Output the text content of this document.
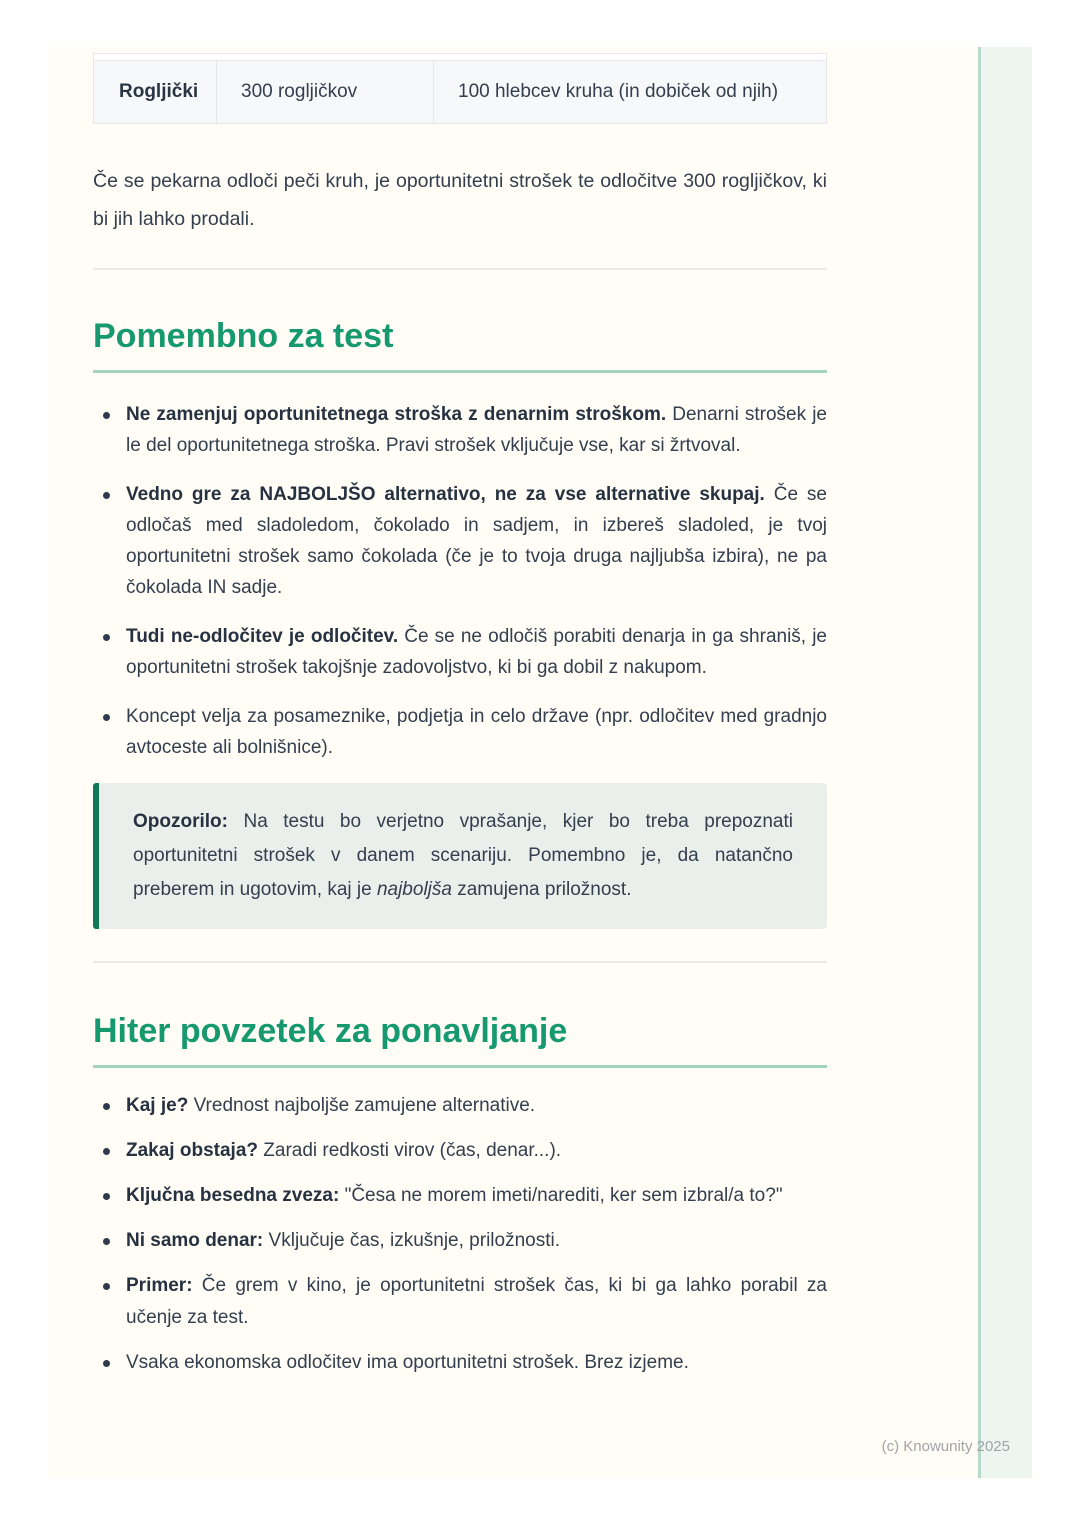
Rogljički	300 rogljičkov	100 hlebcev kruha (in dobiček od njih)

Če se pekarna odloči peči kruh, je oportunitetni strošek te odločitve 300 rogljičkov, ki bi jih lahko prodali.

Pomembno za test
Ne zamenjuj oportunitetnega stroška z denarnim stroškom. Denarni strošek je le del oportunitetnega stroška. Pravi strošek vključuje vse, kar si žrtvoval.
Vedno gre za NAJBOLJŠO alternativo, ne za vse alternative skupaj. Če se odločaš med sladoledom, čokolado in sadjem, in izbereš sladoled, je tvoj oportunitetni strošek samo čokolada (če je to tvoja druga najljubša izbira), ne pa čokolada IN sadje.
Tudi ne-odločitev je odločitev. Če se ne odločiš porabiti denarja in ga shraniš, je oportunitetni strošek takojšnje zadovoljstvo, ki bi ga dobil z nakupom.
Koncept velja za posameznike, podjetja in celo države (npr. odločitev med gradnjo avtoceste ali bolnišnice).
Opozorilo: Na testu bo verjetno vprašanje, kjer bo treba prepoznati oportunitetni strošek v danem scenariju. Pomembno je, da natančno preberem in ugotovim, kaj je najboljša zamujena priložnost.
Hiter povzetek za ponavljanje
Kaj je? Vrednost najboljše zamujene alternative.
Zakaj obstaja? Zaradi redkosti virov (čas, denar...).
Ključna besedna zveza: "Česa ne morem imeti/narediti, ker sem izbral/a to?"
Ni samo denar: Vključuje čas, izkušnje, priložnosti.
Primer: Če grem v kino, je oportunitetni strošek čas, ki bi ga lahko porabil za učenje za test.
Vsaka ekonomska odločitev ima oportunitetni strošek. Brez izjeme.
(c) Knowunity 2025
